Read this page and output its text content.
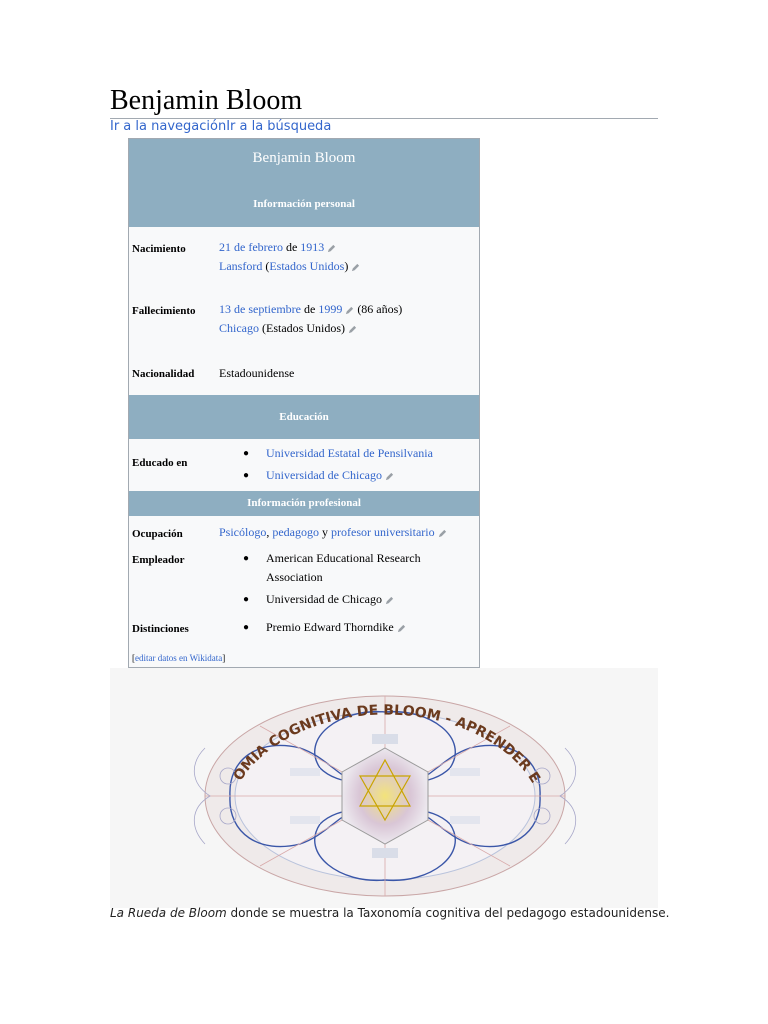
Benjamin Bloom
Ir a la navegaciónIr a la búsqueda
Benjamin Bloom
Información personal
Nacimiento	21 de febrero de 1913
Lansford (Estados Unidos)
Fallecimiento 13 de septiembre de 1999 (86 años)
Chicago (Estados Unidos)
Nacionalidad Estadounidense
Educación
Educado en
● Universidad Estatal de Pensilvania
● Universidad de Chicago
Información profesional
Ocupación	Psicólogo, pedagogo y profesor universitario
Empleador	● American Educational Research Association
● Universidad de Chicago
Distinciones	● Premio Edward Thorndike
[editar datos en Wikidata]
OMIA COGNITIVA DE BLOOM - APRENDER E
La Rueda de Bloom donde se muestra la Taxonomía cognitiva del pedagogo estadounidense.
